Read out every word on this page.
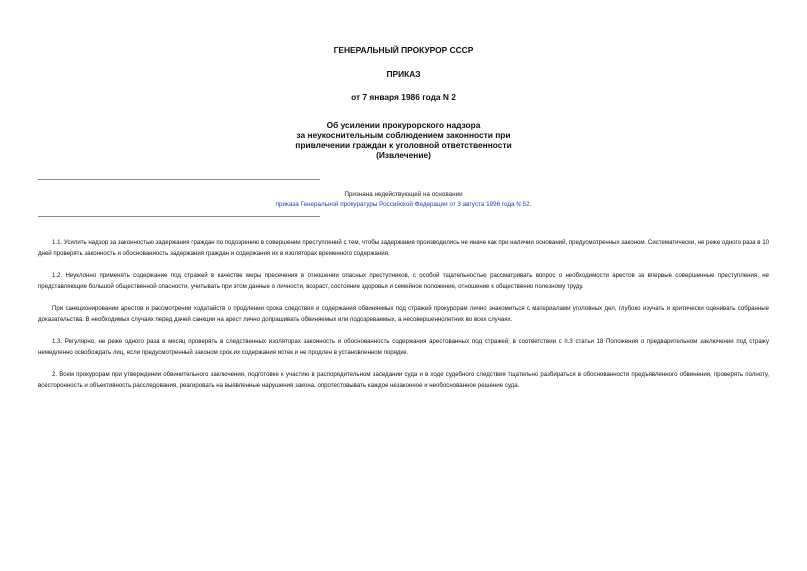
ГЕНЕРАЛЬНЫЙ ПРОКУРОР СССР
ПРИКАЗ
от 7 января 1986 года N 2
Об усилении прокурорского надзора
за неукоснительным соблюдением законности при
привлечении граждан к уголовной ответственности
(Извлечение)
Признана недействующей на основании
приказа Генеральной прокуратуры Российской Федерации от 3 августа 1996 года N 52.

1.1. Усилить надзор за законностью задержания граждан по подозрению в совершении преступлений с тем, чтобы задержания производились не иначе как при наличии оснований, предусмотренных законом. Систематически, не реже одного раза в 10 дней проверять законность и обоснованность задержания граждан и содержания их в изоляторах временного содержания.

1.2. Неуклонно применять содержание под стражей в качестве меры пресечения в отношении опасных преступников, с особой тщательностью рассматривать вопрос о необходимости арестов за впервые совершенные преступления, не представляющие большой общественной опасности, учитывать при этом данные о личности, возраст, состояние здоровья и семейное положение, отношение к общественно полезному труду.

При санкционировании арестов и рассмотрении ходатайств о продлении срока следствия и содержания обвиняемых под стражей прокурорам лично знакомиться с материалами уголовных дел, глубоко изучать и критически оценивать собранные доказательства. В необходимых случаях перед дачей санкции на арест лично допрашивать обвиняемых или подозреваемых, а несовершеннолетних во всех случаях.

1.3. Регулярно, не реже одного раза в месяц проверять в следственных изоляторах законность и обоснованность содержания арестованных под стражей; в соответствии с п.3 статьи 18 Положения о предварительном заключении под стражу немедленно освобождать лиц, если предусмотренный законом срок их содержания истек и не продлен в установленном порядке.

2. Всем прокурорам при утверждении обвинительного заключения, подготовке к участию в распорядительном заседании суда и в ходе судебного следствия тщательно разбираться в обоснованности предъявленного обвинения, проверять полноту, всесторонность и объективность расследования, реагировать на выявленные нарушения закона, опротестовывать каждое незаконное и необоснованное решение суда.
